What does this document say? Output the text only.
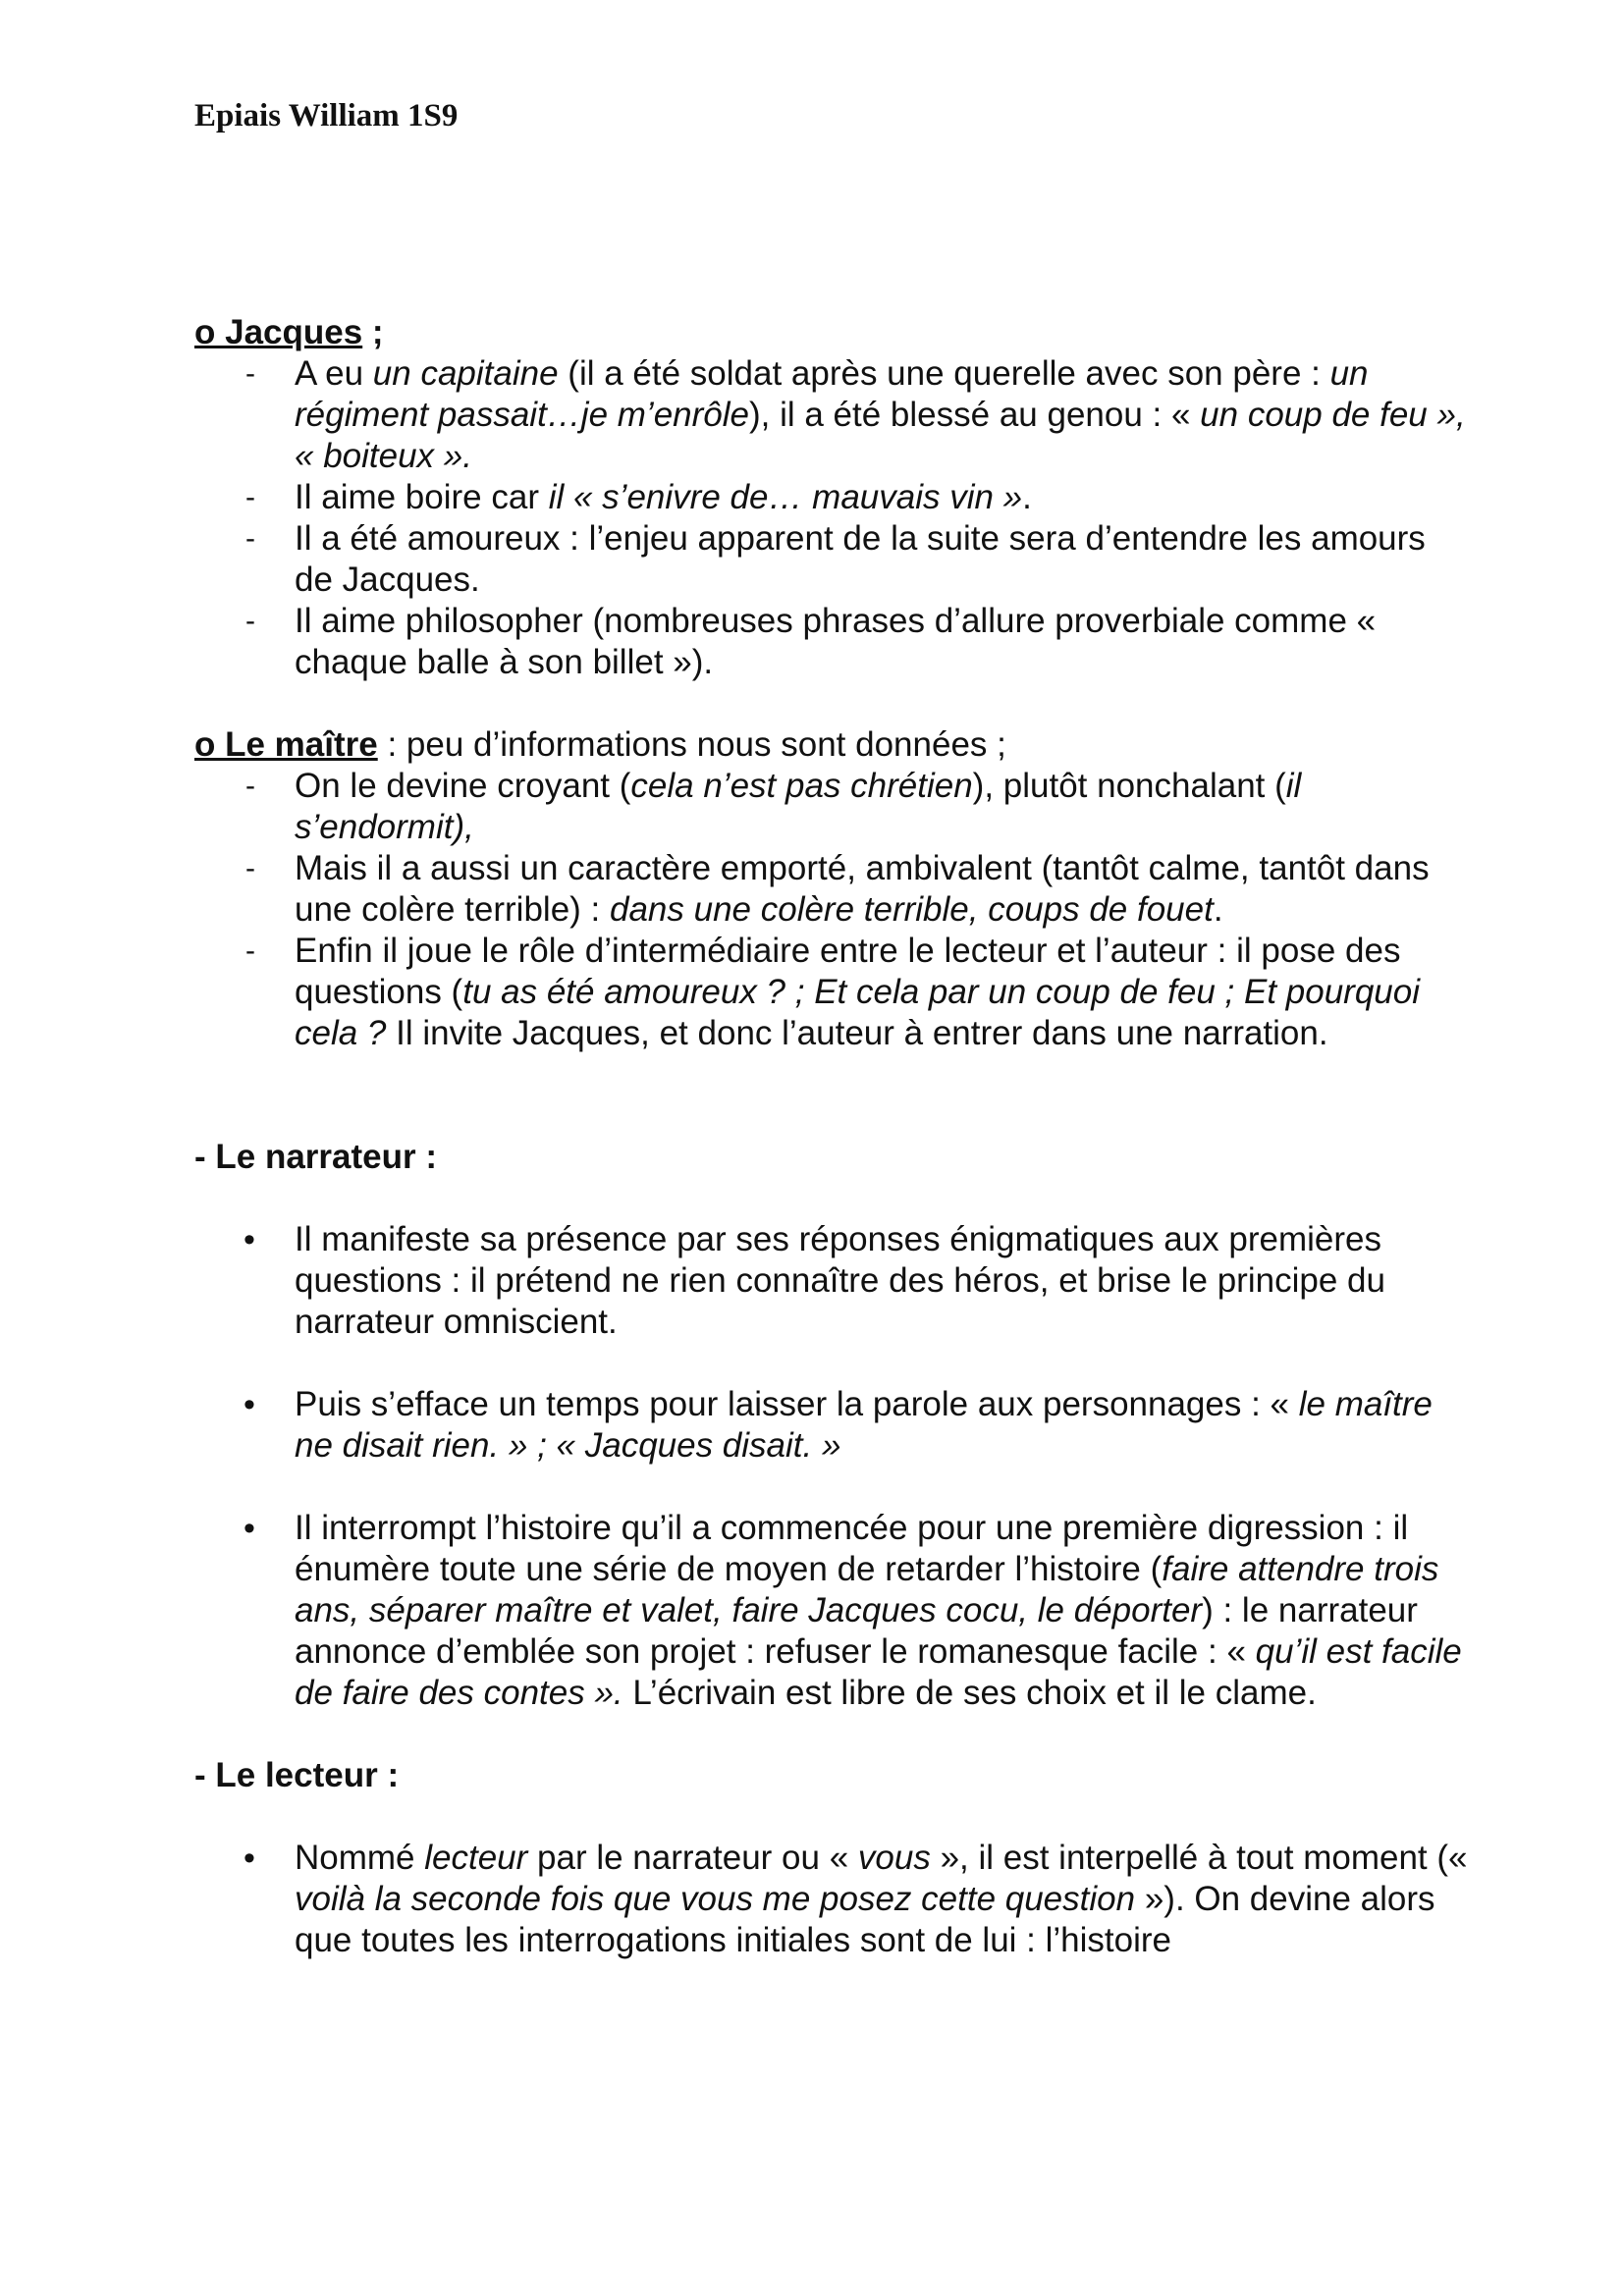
Epiais William 1S9

o Jacques ;

- A eu un capitaine (il a été soldat après une querelle avec son père : un régiment passait…je m’enrôle), il a été blessé au genou : « un coup de feu », « boiteux ».
- Il aime boire car il « s’enivre de… mauvais vin ».
- Il a été amoureux : l’enjeu apparent de la suite sera d’entendre les amours de Jacques.
- Il aime philosopher (nombreuses phrases d’allure proverbiale comme « chaque balle à son billet »).

o Le maître : peu d’informations nous sont données ;

- On le devine croyant (cela n’est pas chrétien), plutôt nonchalant (il s’endormit),
- Mais il a aussi un caractère emporté, ambivalent (tantôt calme, tantôt dans une colère terrible) : dans une colère terrible, coups de fouet.
- Enfin il joue le rôle d’intermédiaire entre le lecteur et l’auteur : il pose des questions (tu as été amoureux ? ; Et cela par un coup de feu ; Et pourquoi cela ? Il invite Jacques, et donc l’auteur à entrer dans une narration.

- Le narrateur :

• Il manifeste sa présence par ses réponses énigmatiques aux premières questions : il prétend ne rien connaître des héros, et brise le principe du narrateur omniscient.
• Puis s’efface un temps pour laisser la parole aux personnages : « le maître ne disait rien. » ; « Jacques disait. »
• Il interrompt l’histoire qu’il a commencée pour une première digression : il énumère toute une série de moyen de retarder l’histoire (faire attendre trois ans, séparer maître et valet, faire Jacques cocu, le déporter) : le narrateur annonce d’emblée son projet : refuser le romanesque facile : « qu’il est facile de faire des contes ». L’écrivain est libre de ses choix et il le clame.

- Le lecteur :

• Nommé lecteur par le narrateur ou « vous », il est interpellé à tout moment (« voilà la seconde fois que vous me posez cette question »). On devine alors que toutes les interrogations initiales sont de lui : l’histoire
